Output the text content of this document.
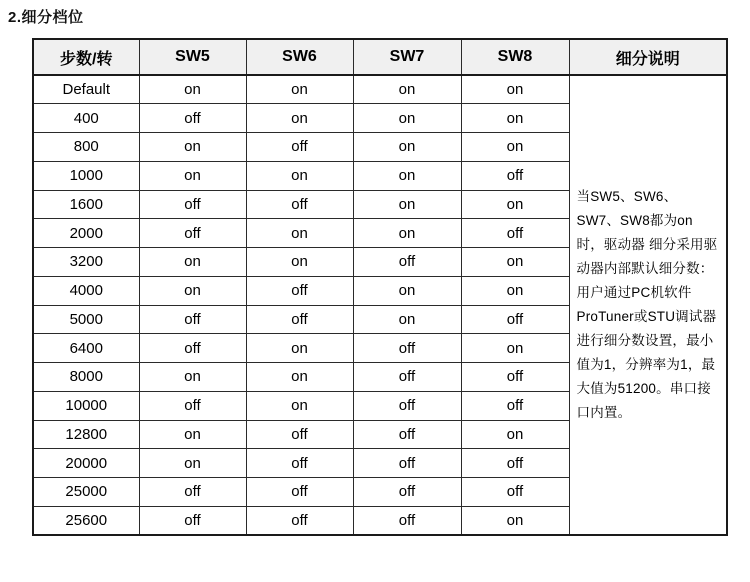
2.细分档位
步数/转	SW5	SW6	SW7	SW8	细分说明
Default	on	on	on	on	当SW5、SW6、SW7、SW8都为on时，驱动器 细分采用驱动器内部默认细分数：用户通过PC机软件ProTuner或STU调试器进行细分数设置，最小值为1，分辨率为1，最大值为51200。串口接 口内置。
400	off	on	on	on	
800	on	off	on	on	
1000	on	on	on	off	
1600	off	off	on	on	
2000	off	on	on	off	
3200	on	on	off	on	
4000	on	off	on	on	
5000	off	off	on	off	
6400	off	on	off	on	
8000	on	on	off	off	
10000	off	on	off	off	
12800	on	off	off	on	
20000	on	off	off	off	
25000	off	off	off	off	
25600	off	off	off	on	
